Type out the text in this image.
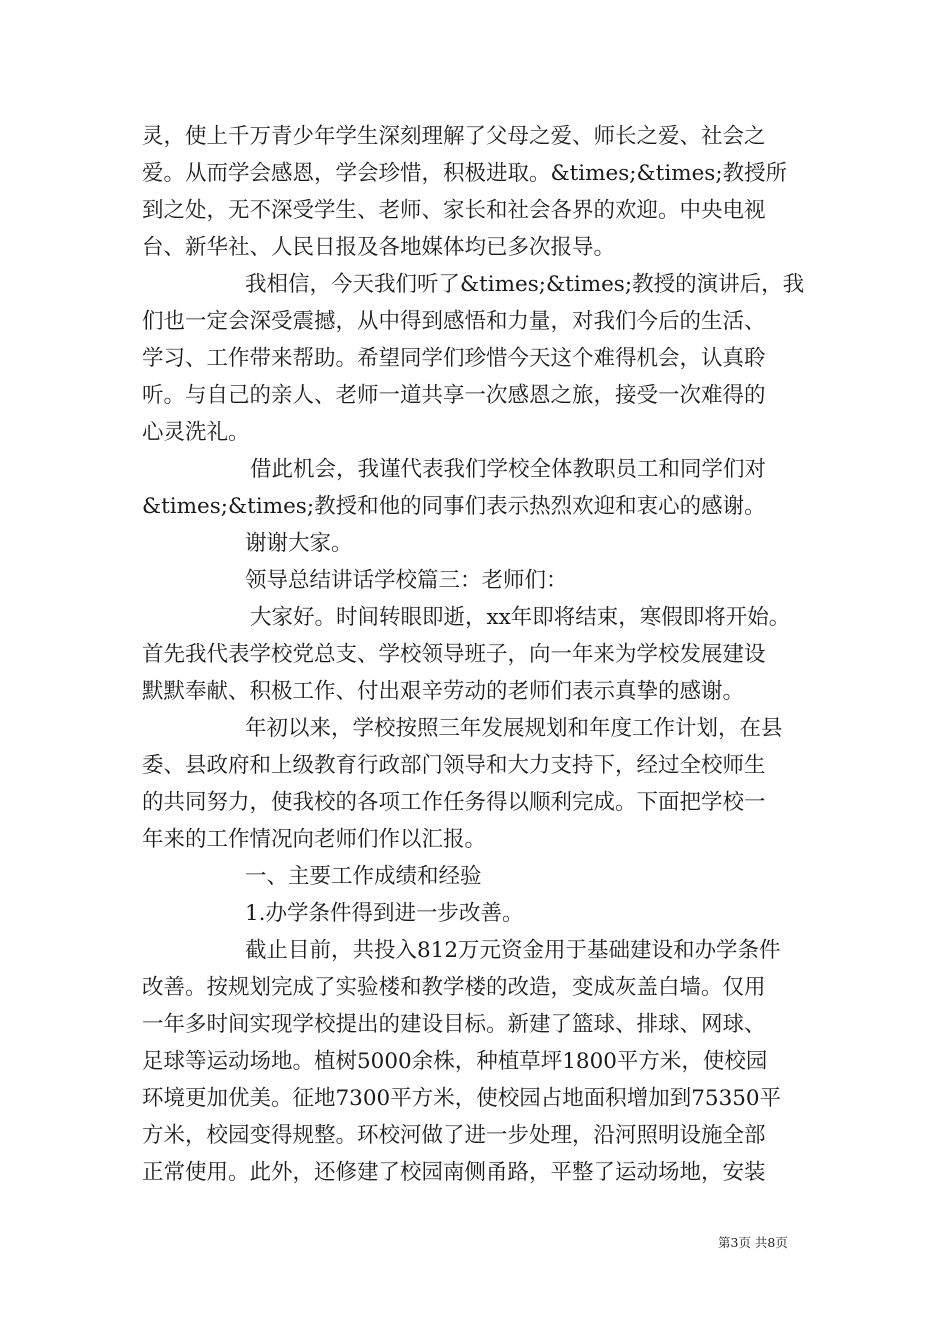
灵，使上千万青少年学生深刻理解了父母之爱、师长之爱、社会之
爱。从而学会感恩，学会珍惜，积极进取。&times;&times;教授所
到之处，无不深受学生、老师、家长和社会各界的欢迎。中央电视
台、新华社、人民日报及各地媒体均已多次报导。
我相信，今天我们听了&times;&times;教授的演讲后，我
们也一定会深受震撼，从中得到感悟和力量，对我们今后的生活、
学习、工作带来帮助。希望同学们珍惜今天这个难得机会，认真聆
听。与自己的亲人、老师一道共享一次感恩之旅，接受一次难得的
心灵洗礼。
借此机会，我谨代表我们学校全体教职员工和同学们对
&times;&times;教授和他的同事们表示热烈欢迎和衷心的感谢。
谢谢大家。
领导总结讲话学校篇三：老师们：
大家好。时间转眼即逝，xx年即将结束，寒假即将开始。
首先我代表学校党总支、学校领导班子，向一年来为学校发展建设
默默奉献、积极工作、付出艰辛劳动的老师们表示真挚的感谢。
年初以来，学校按照三年发展规划和年度工作计划，在县
委、县政府和上级教育行政部门领导和大力支持下，经过全校师生
的共同努力，使我校的各项工作任务得以顺利完成。下面把学校一
年来的工作情况向老师们作以汇报。
一、主要工作成绩和经验
1.办学条件得到进一步改善。
截止目前，共投入812万元资金用于基础建设和办学条件
改善。按规划完成了实验楼和教学楼的改造，变成灰盖白墙。仅用
一年多时间实现学校提出的建设目标。新建了篮球、排球、网球、
足球等运动场地。植树5000余株，种植草坪1800平方米，使校园
环境更加优美。征地7300平方米，使校园占地面积增加到75350平
方米，校园变得规整。环校河做了进一步处理，沿河照明设施全部
正常使用。此外，还修建了校园南侧甬路，平整了运动场地，安装
第3页 共8页
